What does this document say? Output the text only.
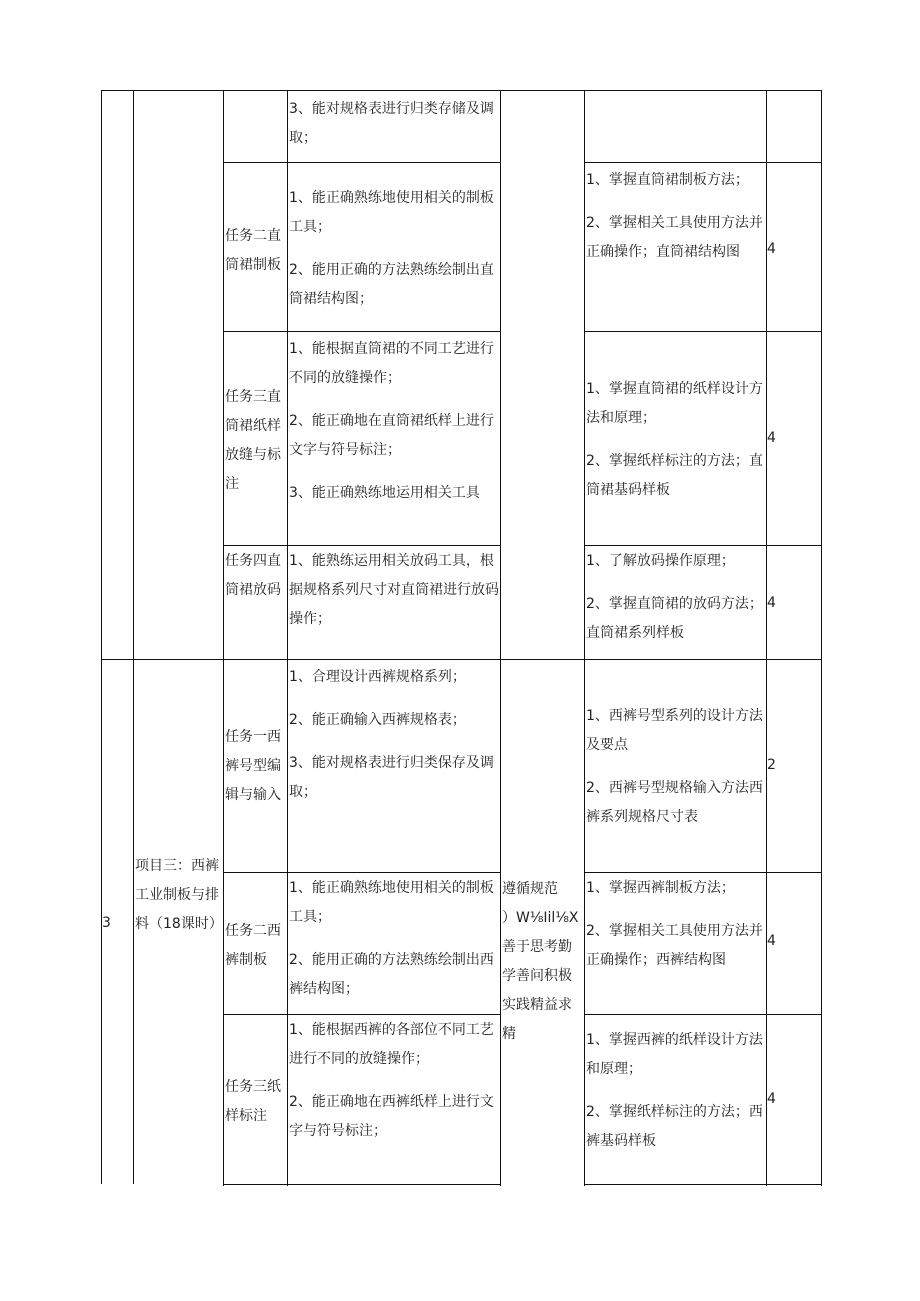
3、能对规格表进行归类存储及调取；
任务二直筒裙制板
1、能正确熟练地使用相关的制板工具；
2、能用正确的方法熟练绘制出直筒裙结构图；
1、掌握直筒裙制板方法；
2、掌握相关工具使用方法并正确操作；直筒裙结构图	4
任务三直筒裙纸样放缝与标注
1、能根据直筒裙的不同工艺进行不同的放缝操作；
2、能正确地在直筒裙纸样上进行文字与符号标注；
3、能正确熟练地运用相关工具
1、掌握直筒裙的纸样设计方法和原理；
2、掌握纸样标注的方法；直筒裙基码样板
4
任务四直筒裙放码
1、能熟练运用相关放码工具，根据规格系列尺寸对直筒裙进行放码操作；
1、了解放码操作原理；
2、掌握直筒裙的放码方法；直筒裙系列样板
4
3
项目三：西裤工业制板与排料（18课时）

遵循规范
）W⅛Iil⅛X
善于思考勤学善问积极实践精益求精

任务一西裤号型编辑与输入
1、合理设计西裤规格系列；
2、能正确输入西裤规格表；
3、能对规格表进行归类保存及调取；
1、西裤号型系列的设计方法及要点
2、西裤号型规格输入方法西裤系列规格尺寸表
2
任务二西裤制板
1、能正确熟练地使用相关的制板工具；
2、能用正确的方法熟练绘制出西裤结构图；
1、掌握西裤制板方法；
2、掌握相关工具使用方法并正确操作；西裤结构图
4
任务三纸样标注
1、能根据西裤的各部位不同工艺进行不同的放缝操作；
2、能正确地在西裤纸样上进行文字与符号标注；
1、掌握西裤的纸样设计方法和原理；
2、掌握纸样标注的方法；西裤基码样板
4
